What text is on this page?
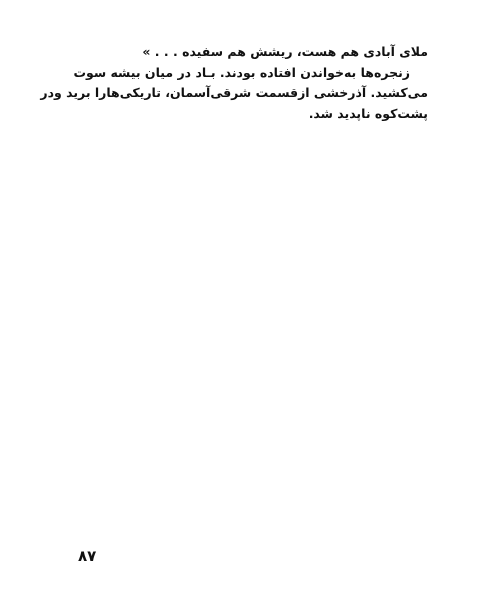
ملای آبادی هم هست، ریشش هم سفیده . . . »
زنجره‌ها به‌خواندن افتاده بودند. بـاد در میان بیشه سوت
می‌کشید. آذرخشی ازقسمت شرقی‌آسمان، تاریکی‌هارا برید ودر
پشت‌کوه ناپدید شد.
۸۷
